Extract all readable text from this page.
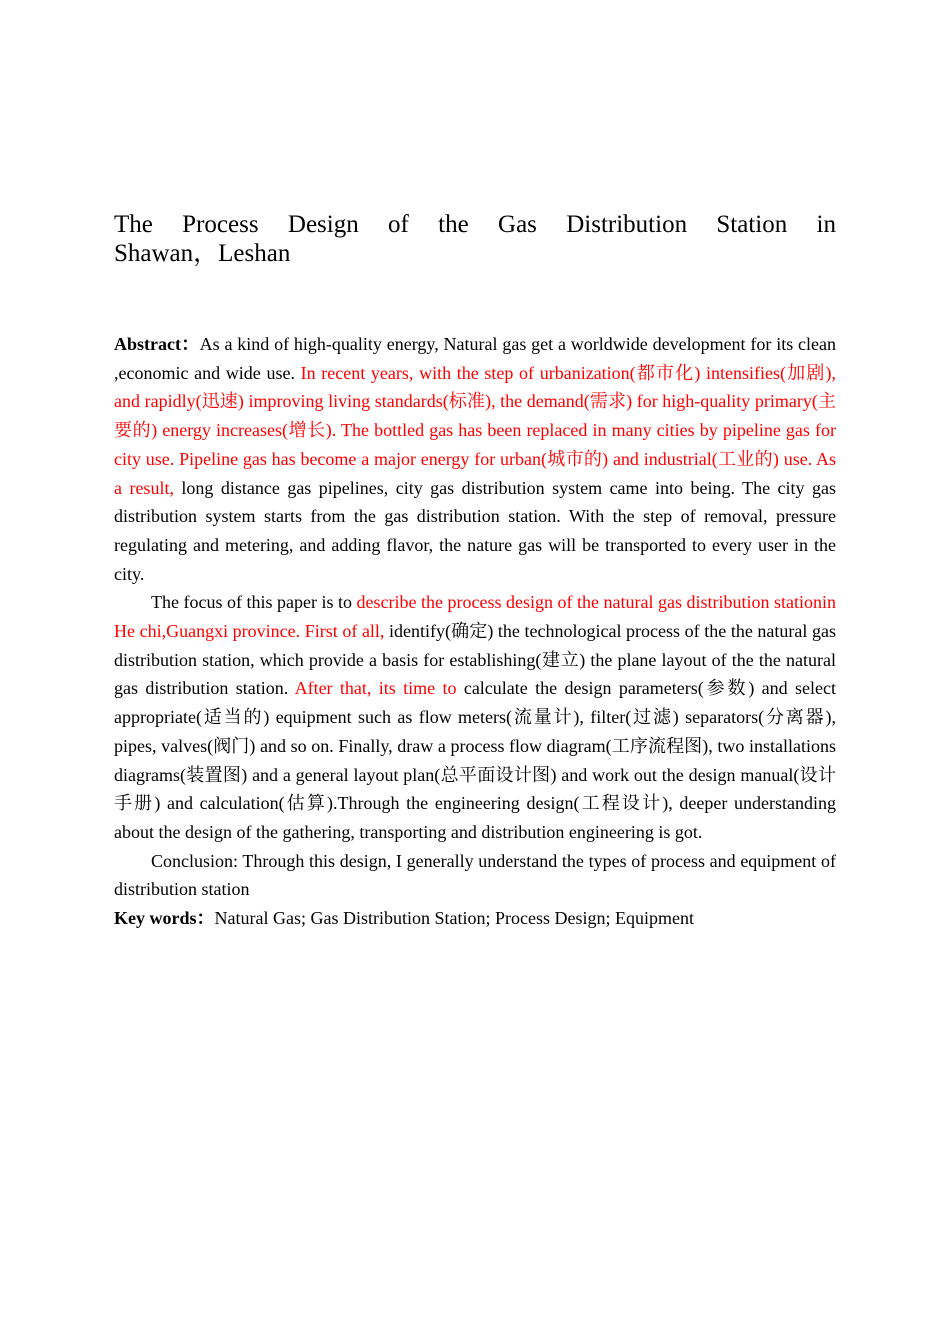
The Process Design of the Gas Distribution Station in
Shawan，Leshan

Abstract：As a kind of high-quality energy, Natural gas get a worldwide development for its clean ,economic and wide use. In recent years, with the step of urbanization(都市化) intensifies(加剧), and rapidly(迅速) improving living standards(标准), the demand(需求) for high-quality primary(主要的) energy increases(增长). The bottled gas has been replaced in many cities by pipeline gas for city use. Pipeline gas has become a major energy for urban(城市的) and industrial(工业的) use. As a result, long distance gas pipelines, city gas distribution system came into being. The city gas distribution system starts from the gas distribution station. With the step of removal, pressure regulating and metering, and adding flavor, the nature gas will be transported to every user in the city.

The focus of this paper is to describe the process design of the natural gas distribution stationin He chi,Guangxi province. First of all, identify(确定) the technological process of the the natural gas distribution station, which provide a basis for establishing(建立) the plane layout of the the natural gas distribution station. After that, its time to calculate the design parameters(参数) and select appropriate(适当的) equipment such as flow meters(流量计), filter(过滤) separators(分离器), pipes, valves(阀门) and so on. Finally, draw a process flow diagram(工序流程图), two installations diagrams(装置图) and a general layout plan(总平面设计图) and work out the design manual(设计手册) and calculation(估算).Through the engineering design(工程设计), deeper understanding about the design of the gathering, transporting and distribution engineering is got.

Conclusion: Through this design, I generally understand the types of process and equipment of distribution station

Key words：Natural Gas; Gas Distribution Station; Process Design; Equipment
